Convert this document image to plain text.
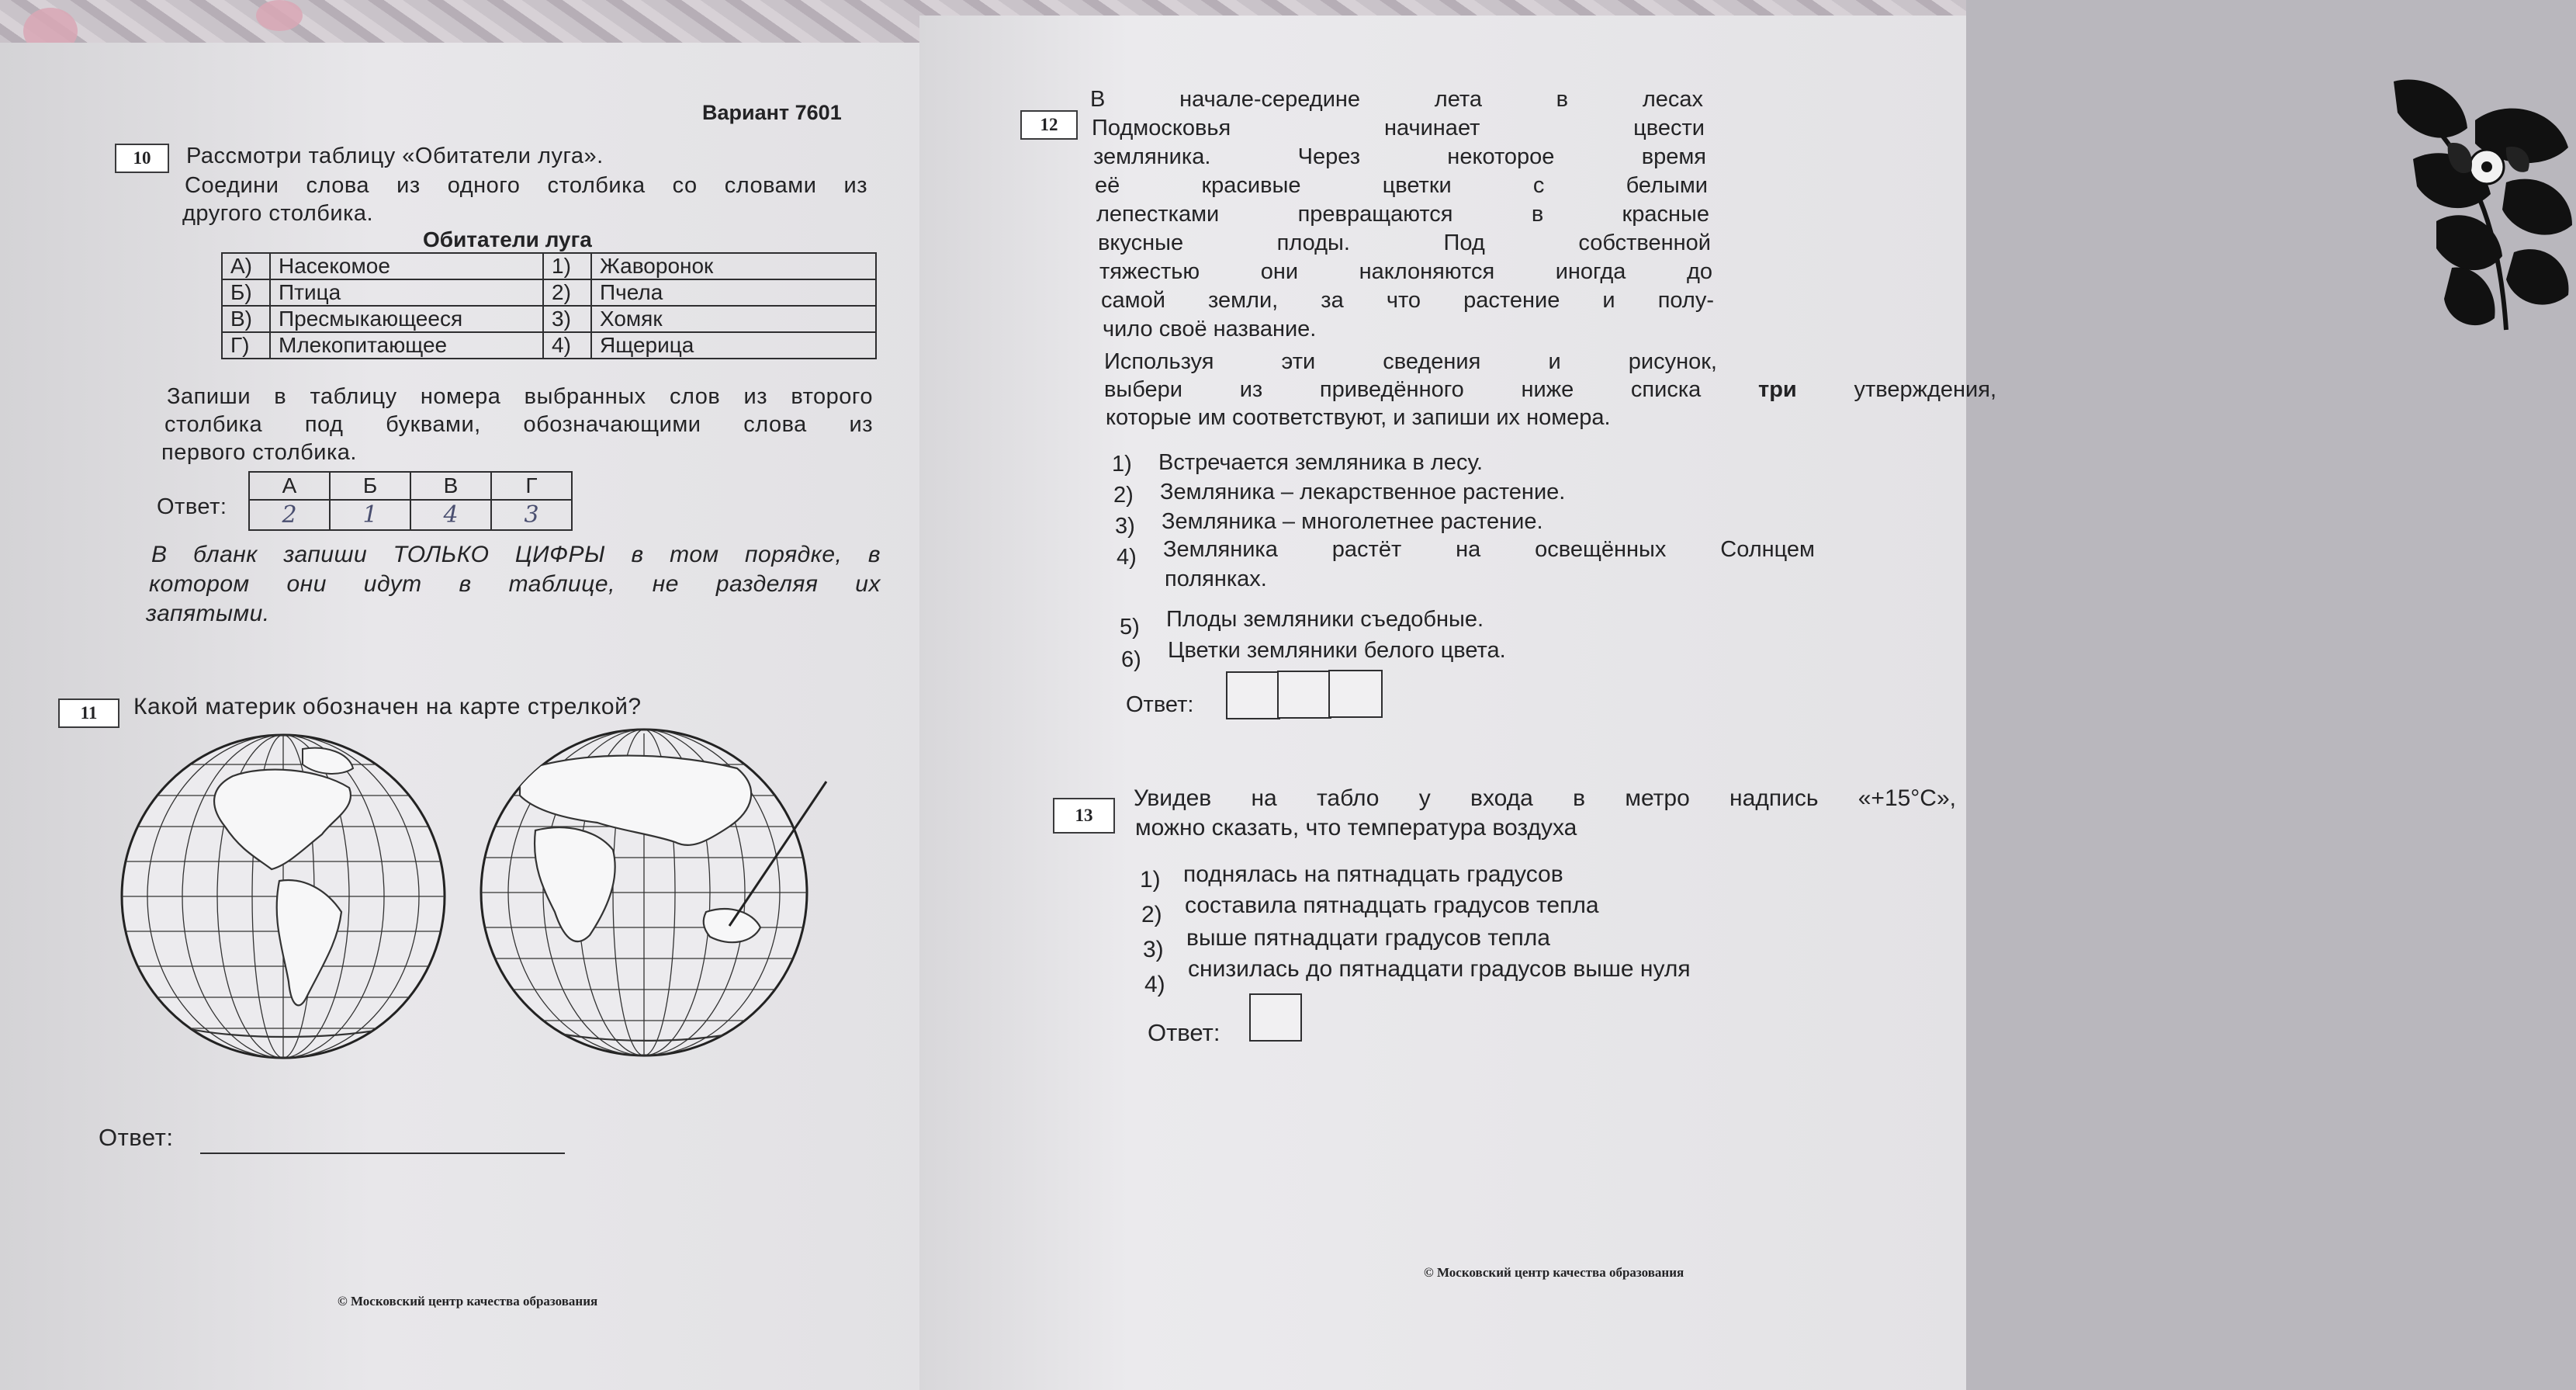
Вариант 7601
10	Рассмотри таблицу «Обитатели луга».
Соедини слова из одного столбика со словами из
другого столбика.
Обитатели луга
А)	Насекомое	1)	Жаворонок
Б)	Птица	2)	Пчела
В)	Пресмыкающееся	3)	Хомяк
Г)	Млекопитающее	4)	Ящерица
Запиши в таблицу номера выбранных слов из второго
столбика под буквами, обозначающими слова из
первого столбика.
Ответ:
А	Б	В	Г
2	1	4	3
В бланк запиши ТОЛЬКО ЦИФРЫ в том порядке, в
котором они идут в таблице, не разделяя их
запятыми.
11	Какой материк обозначен на карте стрелкой?
Ответ:
© Московский центр качества образования
12
В начале-середине лета в лесах
Подмосковья начинает цвести
земляника. Через некоторое время
её красивые цветки с белыми
лепестками превращаются в красные
вкусные плоды. Под собственной
тяжестью они наклоняются иногда до
самой земли, за что растение и полу-
чило своё название.
Используя эти сведения и рисунок,
выбери из приведённого ниже списка три утверждения,
которые им соответствуют, и запиши их номера.
1) Встречается земляника в лесу.
2) Земляника – лекарственное растение.
3) Земляника – многолетнее растение.
4) Земляника растёт на освещённых Солнцем
полянках.
5) Плоды земляники съедобные.
6) Цветки земляники белого цвета.
Ответ:
13
Увидев на табло у входа в метро надпись «+15°С»,
можно сказать, что температура воздуха
1) поднялась на пятнадцать градусов
2) составила пятнадцать градусов тепла
3) выше пятнадцати градусов тепла
4)
снизилась до пятнадцати градусов выше нуля
Ответ:
© Московский центр качества образования
